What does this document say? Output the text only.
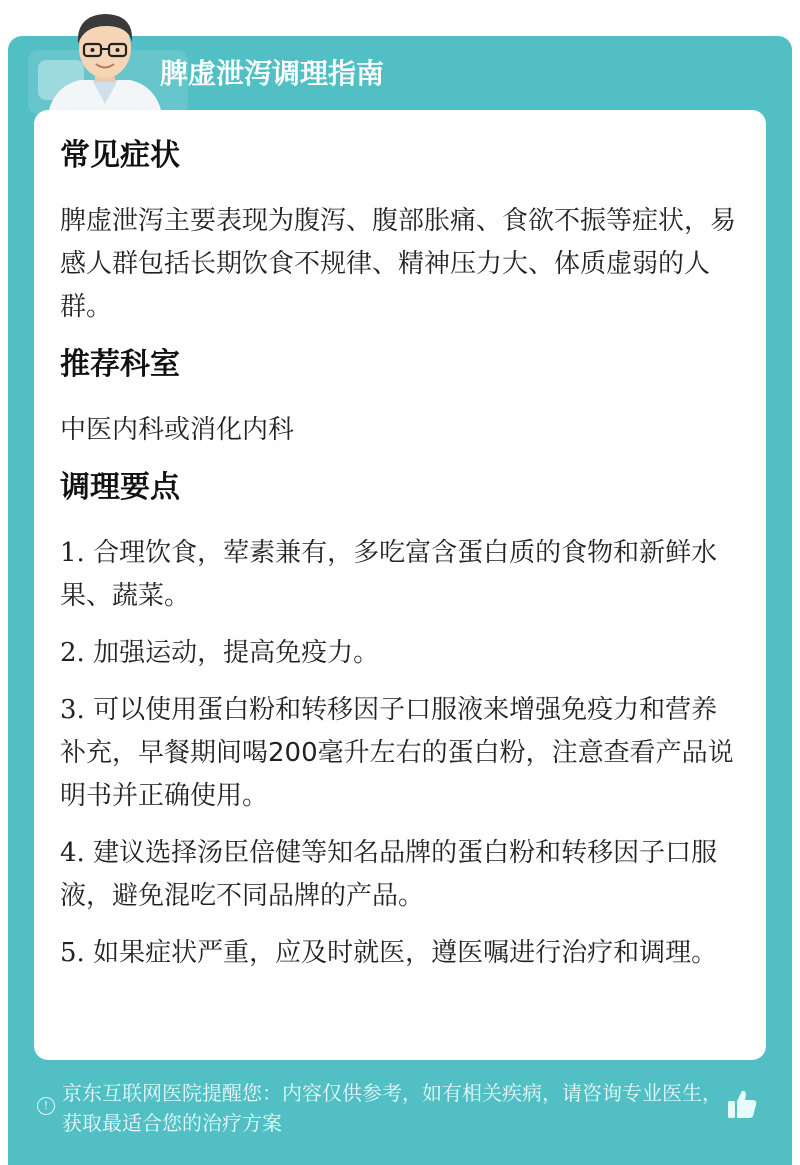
脾虚泄泻调理指南
常见症状
脾虚泄泻主要表现为腹泻、腹部胀痛、食欲不振等症状，易感人群包括长期饮食不规律、精神压力大、体质虚弱的人群。
推荐科室
中医内科或消化内科
调理要点
1. 合理饮食，荤素兼有，多吃富含蛋白质的食物和新鲜水果、蔬菜。
2. 加强运动，提高免疫力。
3. 可以使用蛋白粉和转移因子口服液来增强免疫力和营养补充，早餐期间喝200毫升左右的蛋白粉，注意查看产品说明书并正确使用。
4. 建议选择汤臣倍健等知名品牌的蛋白粉和转移因子口服液，避免混吃不同品牌的产品。
5. 如果症状严重，应及时就医，遵医嘱进行治疗和调理。
!
京东互联网医院提醒您：内容仅供参考，如有相关疾病，请咨询专业医生，获取最适合您的治疗方案
